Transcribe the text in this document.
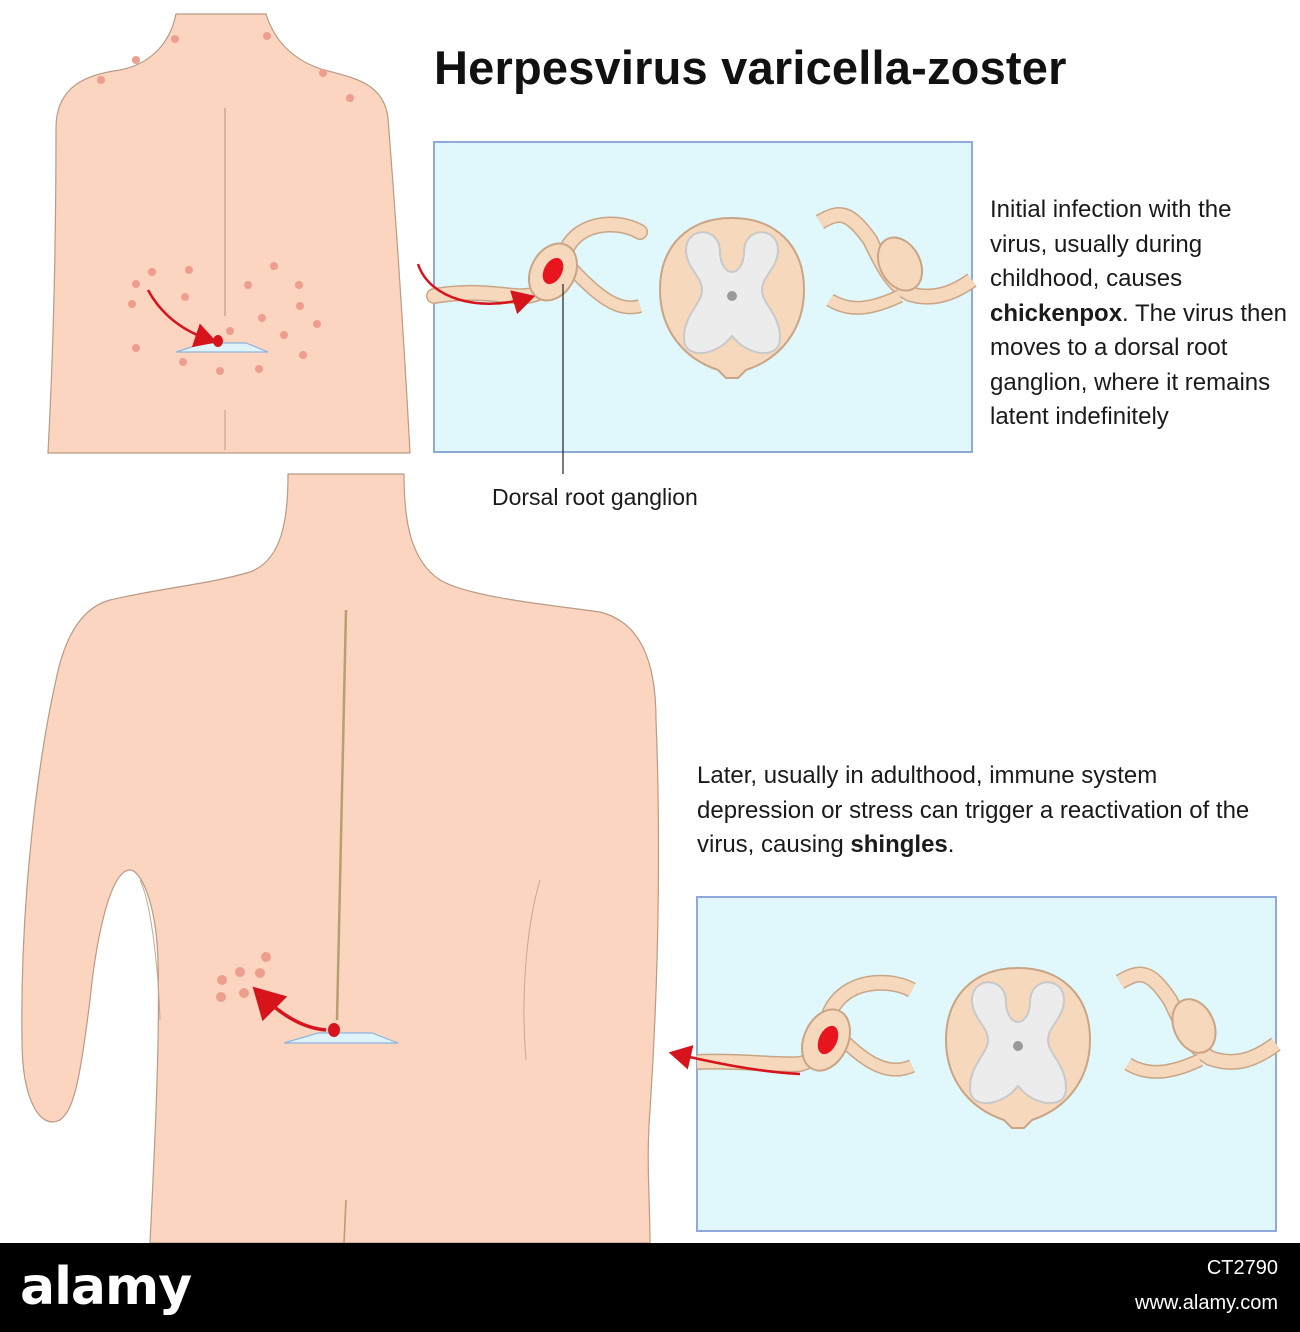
Herpesvirus varicella-zoster
Initial infection with the virus, usually during childhood, causes chickenpox. The virus then moves to a dorsal root ganglion, where it remains latent indefinitely
Dorsal root ganglion
Later, usually in adulthood, immune system depression or stress can trigger a reactivation of the virus, causing shingles.
alamy	CT2790
www.alamy.com
